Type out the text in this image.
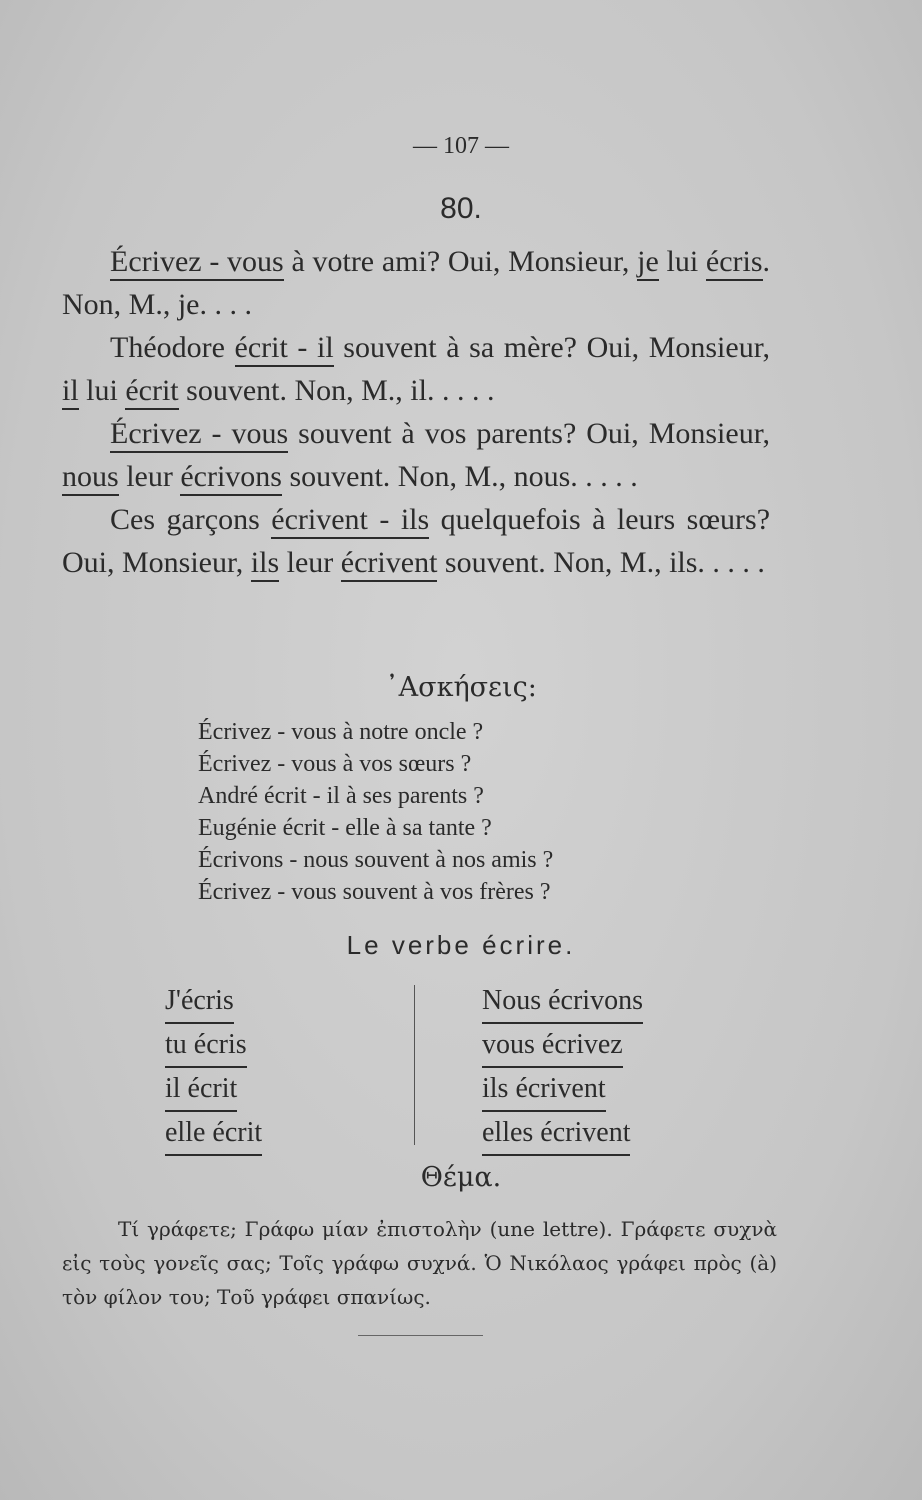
— 107 —
80.

Écrivez - vous à votre ami? Oui, Monsieur, je lui écris. Non, M., je. . . .

Théodore écrit - il souvent à sa mère? Oui, Monsieur, il lui écrit souvent. Non, M., il. . . . .

Écrivez - vous souvent à vos parents? Oui, Monsieur, nous leur écrivons souvent. Non, M., nous. . . . .

Ces garçons écrivent - ils quelquefois à leurs sœurs? Oui, Monsieur, ils leur écrivent souvent. Non, M., ils. . . . .

᾿Ασκήσεις:
Écrivez - vous à notre oncle ?
Écrivez - vous à vos sœurs ?
André écrit - il à ses parents ?
Eugénie écrit - elle à sa tante ?
Écrivons - nous souvent à nos amis ?
Écrivez - vous souvent à vos frères ?
Le verbe écrire.
J'écris
tu écris
il écrit
elle écrit
Nous écrivons
vous écrivez
ils écrivent
elles écrivent
Θέμα.

Τί γράφετε; Γράφω μίαν ἐπιστολὴν (une lettre). Γράφετε συχνὰ εἰς τοὺς γονεῖς σας; Τοῖς γράφω συχνά. Ὁ Νικόλαος γράφει πρὸς (à) τὸν φίλον του; Τοῦ γράφει σπανίως.
